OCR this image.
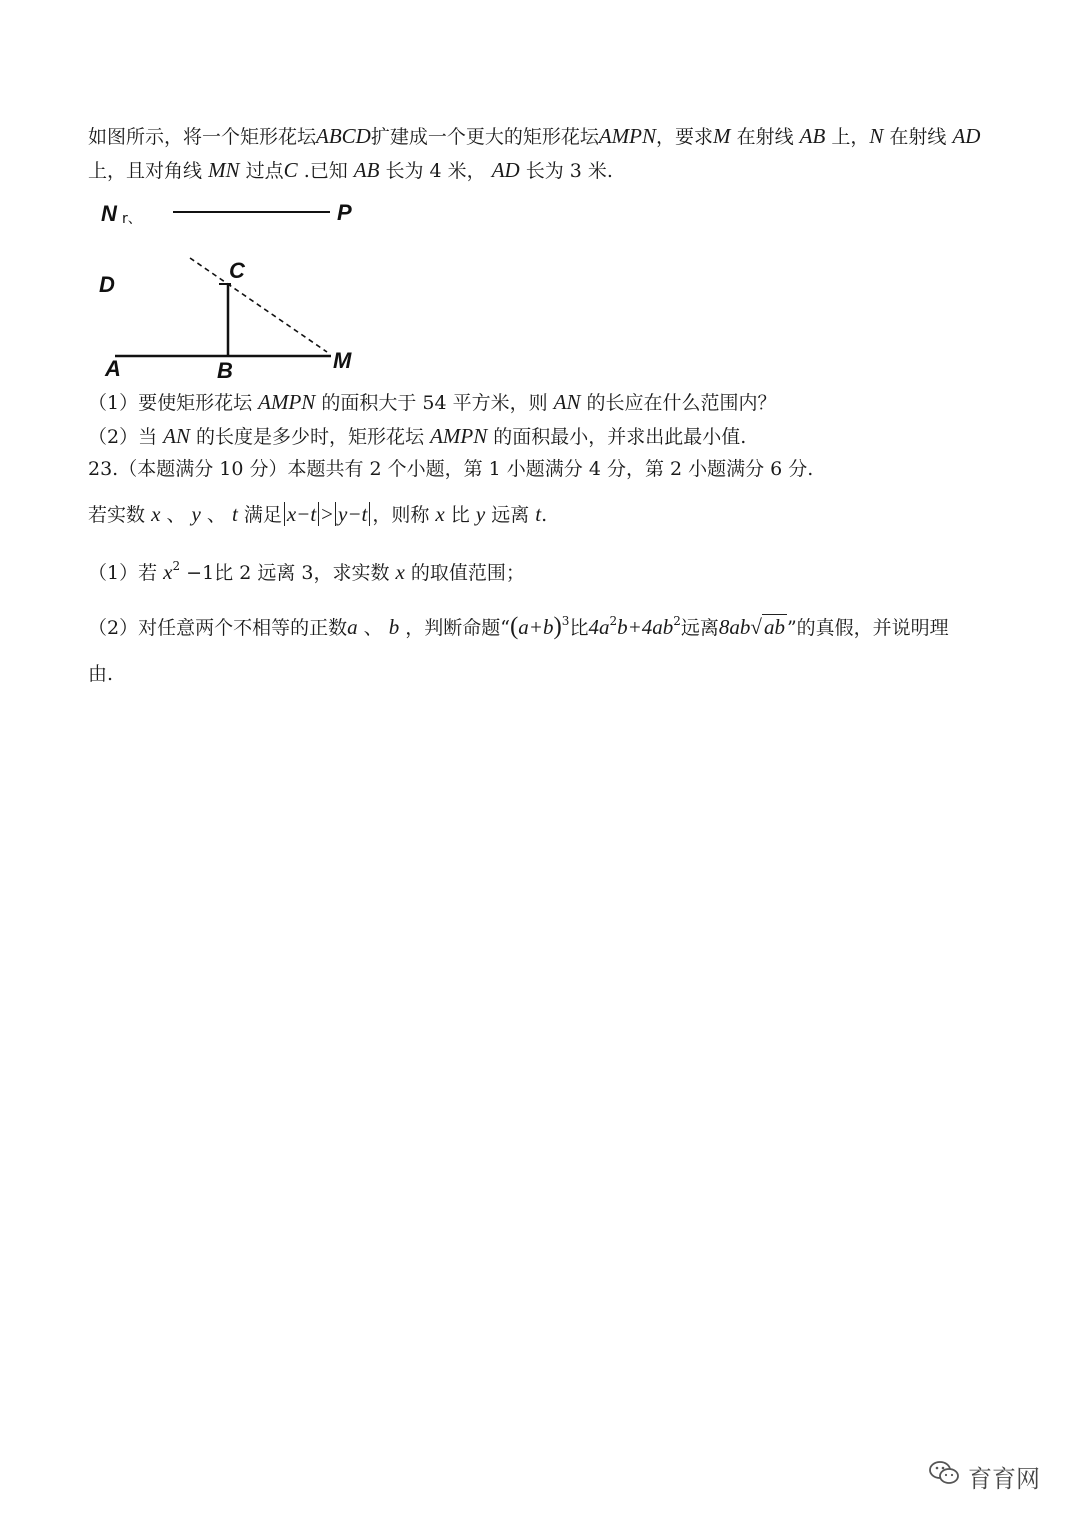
如图所示，将一个矩形花坛ABCD扩建成一个更大的矩形花坛AMPN，要求M 在射线 AB 上，N 在射线 AD
上，且对角线 MN 过点C .已知 AB 长为 4 米， AD 长为 3 米.
N r、	P
D
C
A	B	M
（1）要使矩形花坛 AMPN 的面积大于 54 平方米，则 AN 的长应在什么范围内？
（2）当 AN 的长度是多少时，矩形花坛 AMPN 的面积最小，并求出此最小值.
23.（本题满分 10 分）本题共有 2 个小题，第 1 小题满分 4 分，第 2 小题满分 6 分.
若实数 x 、 y 、 t 满足 x−t > y−t ，则称 x 比 y 远离 t.
（1）若 $x^2 -1$比 2 远离 3，求实数 x 的取值范围；
（2）对任意两个不相等的正数a 、 b ，判断命题“$(a+b)^3$比$4a^2b+4ab^2$远离8ab√ab ”的真假，并说明理
由.
育育网
